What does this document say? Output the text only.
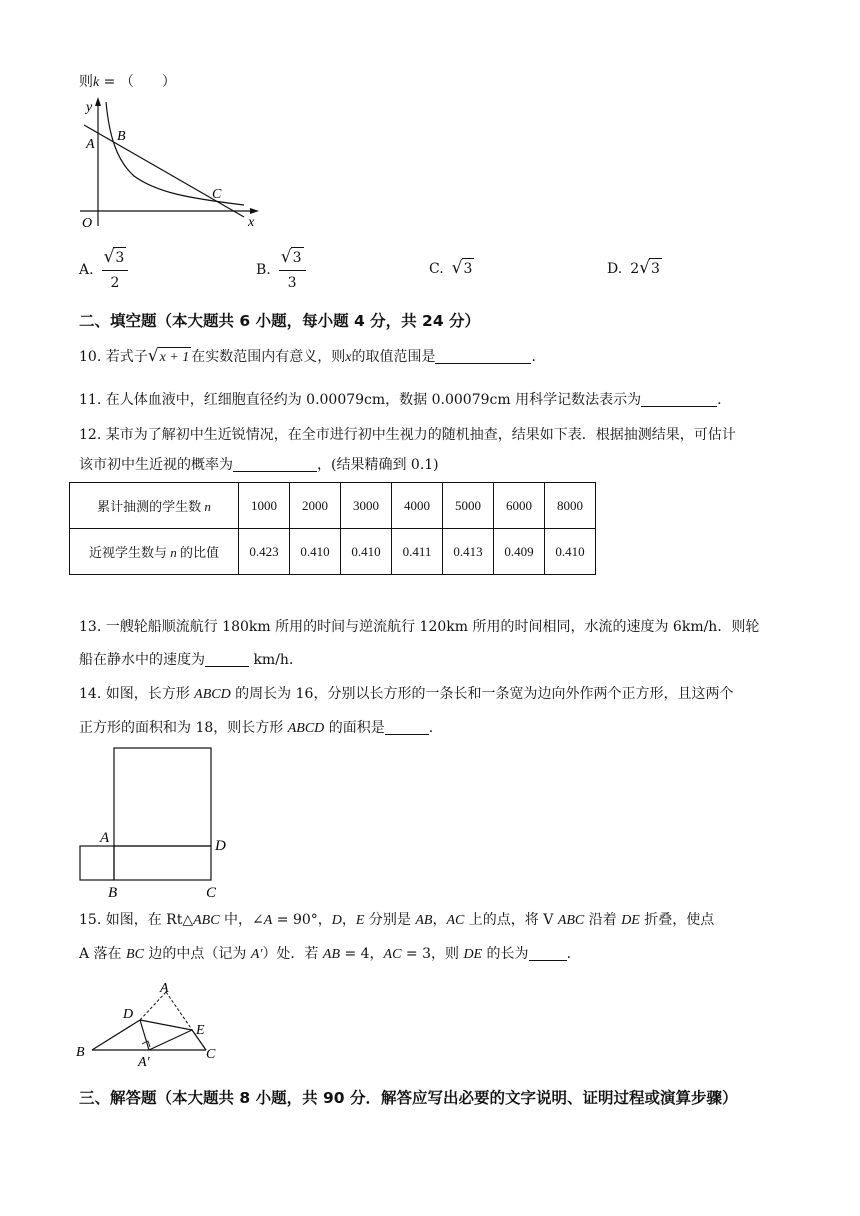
则k = （　　）
y
x
O
A
B
C
A. $\frac{√3}{2}$	B. $\frac{√3}{3}$	C. √3	D. 2√3
二、填空题（本大题共 6 小题，每小题 4 分，共 24 分）
10. 若式子√x + 1 在实数范围内有意义，则x的取值范围是	.
11. 在人体血液中，红细胞直径约为 0.00079cm，数据 0.00079cm 用科学记数法表示为	.
12. 某市为了解初中生近锐情况，在全市进行初中生视力的随机抽查，结果如下表．根据抽测结果，可估计
该市初中生近视的概率为	，(结果精确到 0.1)
累计抽测的学生数 n	1000	2000	3000	4000	5000	6000	8000
近视学生数与 n 的比值	0.423	0.410	0.410	0.411	0.413	0.409	0.410
13. 一艘轮船顺流航行 180km 所用的时间与逆流航行 120km 所用的时间相同，水流的速度为 6km/h．则轮
船在静水中的速度为	km/h．
14. 如图，长方形 ABCD 的周长为 16，分别以长方形的一条长和一条宽为边向外作两个正方形，且这两个
正方形的面积和为 18，则长方形 ABCD 的面积是	.
A	D
B	C
15. 如图，在 Rt△ABC 中，∠A = 90°，D，E 分别是 AB，AC 上的点，将 V ABC 沿着 DE 折叠，使点
A 落在 BC 边的中点（记为 A′）处．若 AB = 4，AC = 3，则 DE 的长为	.
A
B	C
D
E
A′
三、解答题（本大题共 8 小题，共 90 分．解答应写出必要的文字说明、证明过程或演算步骤）
